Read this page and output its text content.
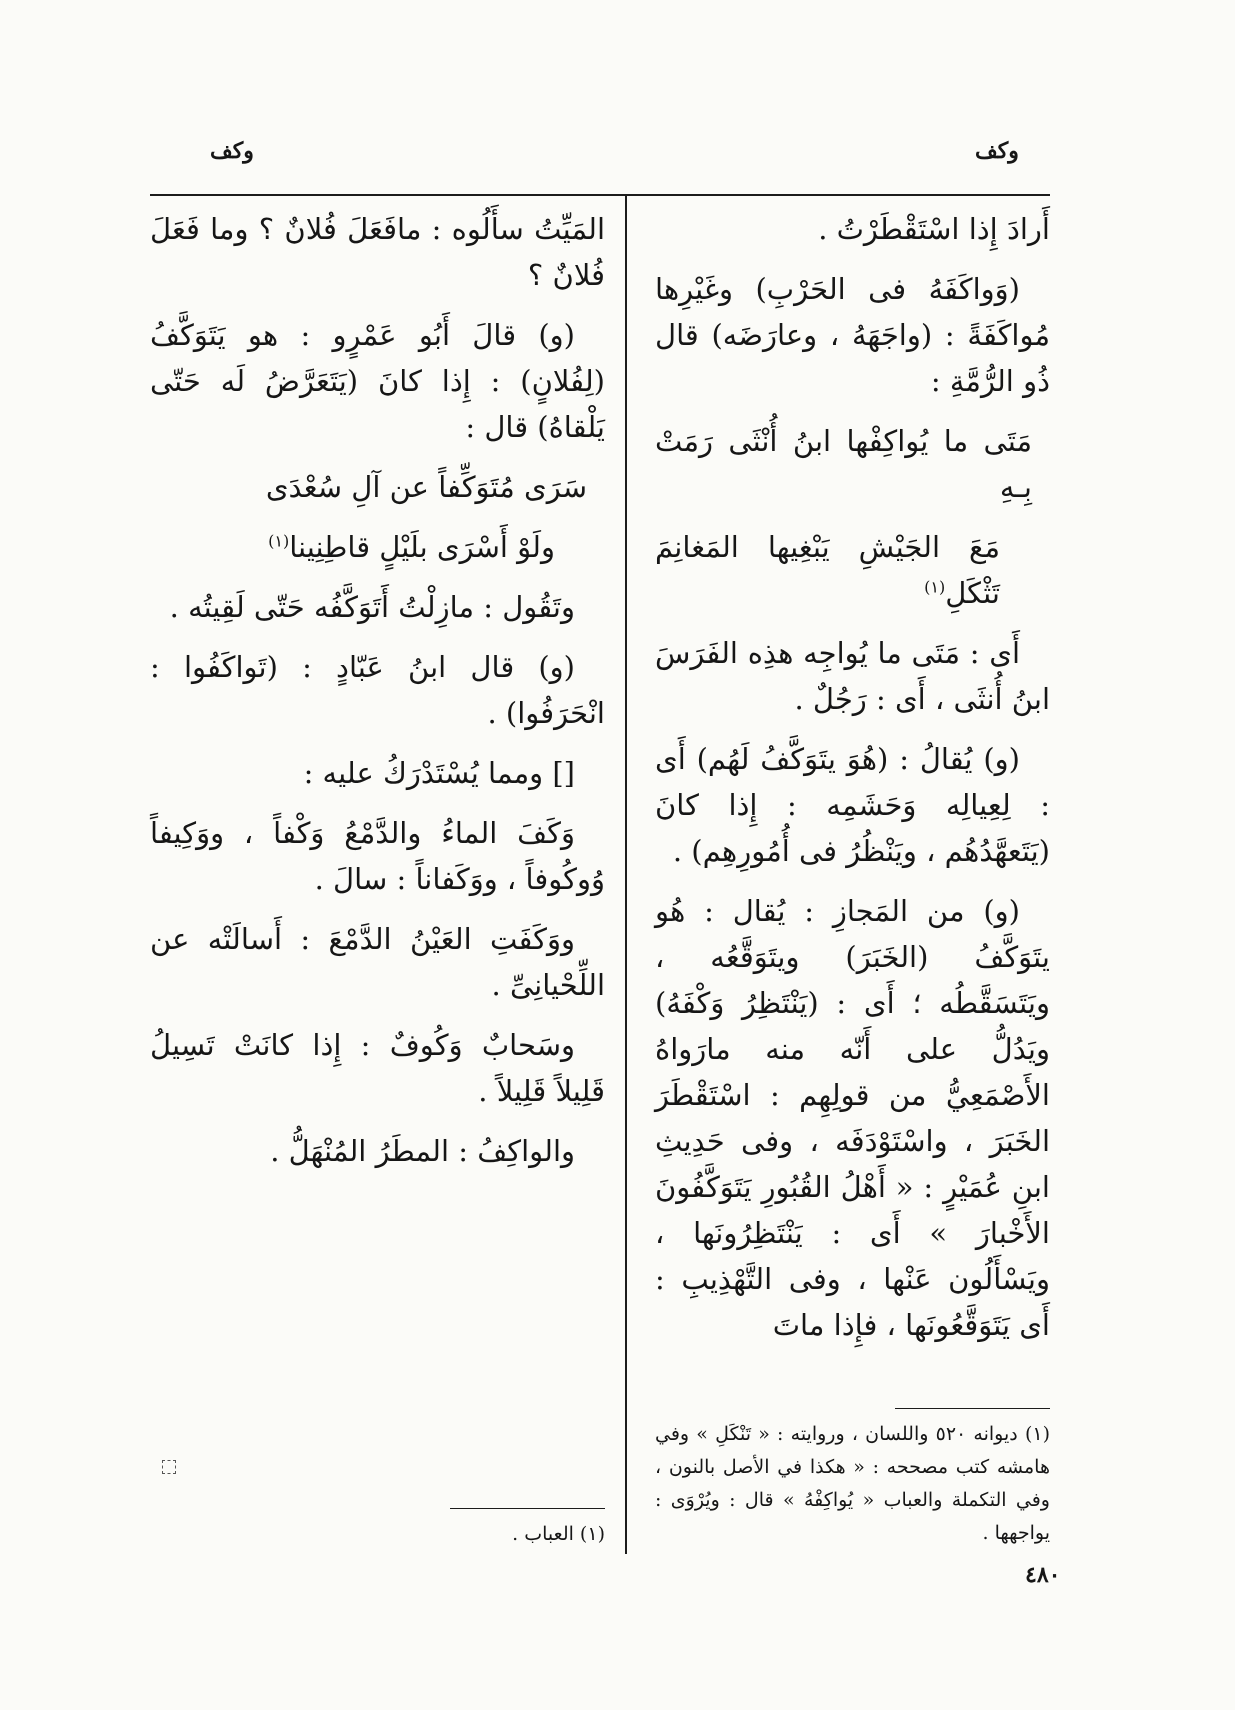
وكف	وكف

أَرادَ إِذا اسْتَقْطَرْتُ .

(وَواكَفَهُ فى الحَرْبِ) وغَيْرِها مُواكَفَةً : (واجَهَهُ ، وعارَضَه) قال ذُو الرُّمَّةِ :

مَتَى ما يُواكِفْها ابنُ أُنْثَى رَمَتْ بِـهِ

مَعَ الجَيْشِ يَبْغِيها المَغانِمَ تَثْكَلِ$^{(١)}$

أَى : مَتَى ما يُواجِه هذِه الفَرَسَ ابنُ أُنثَى ، أَى : رَجُلٌ .

(و) يُقالُ : (هُوَ يتَوَكَّفُ لَهُم) أَى : لِعِيالِه وَحَشَمِه : إِذا كانَ (يَتَعهَّدُهُم ، ويَنْظُرُ فى أُمُورِهِم) .

(و) من المَجازِ : يُقال : هُو يتَوَكَّفُ (الخَبَرَ) ويتَوَقَّعُه ، ويَتَسَقَّطُه ؛ أَى : (يَنْتَظِرُ وَكْفَهُ) ويَدُلُّ على أَنّه منه مارَواهُ الأَصْمَعِيُّ من قولِهِم : اسْتَقْطَرَ الخَبَرَ ، واسْتَوْدَفَه ، وفى حَدِيثِ ابنِ عُمَيْرٍ : « أَهْلُ القُبُورِ يَتَوَكَّفُونَ الأَخْبارَ » أَى : يَنْتَظِرُونَها ، ويَسْأَلُون عَنْها ، وفى التَّهْذِيبِ : أَى يَتَوَقَّعُونَها ، فإِذا ماتَ

المَيِّتُ سأَلُوه : مافَعَلَ فُلانٌ ؟ وما فَعَلَ فُلانٌ ؟

(و) قالَ أَبُو عَمْرٍو : هو يَتَوَكَّفُ (لِفُلانٍ) : إِذا كانَ (يَتَعَرَّضُ لَه حَتّى يَلْقاهُ) قال :

سَرَى مُتَوَكِّفاً عن آلِ سُعْدَى

ولَوْ أَسْرَى بلَيْلٍ قاطِنِينا$^{(١)}$

وتَقُول : مازِلْتُ أَتَوَكَّفُه حَتّى لَقِيتُه .

(و) قال ابنُ عَبّادٍ : (تَواكَفُوا : انْحَرَفُوا) .

[] ومما يُسْتَدْرَكُ عليه :

وَكَفَ الماءُ والدَّمْعُ وَكْفاً ، ووَكِيفاً وُوكُوفاً ، ووَكَفاناً : سالَ .

ووَكَفَتِ العَيْنُ الدَّمْعَ : أَسالَتْه عن اللِّحْيانِىِّ .

وسَحابٌ وَكُوفٌ : إِذا كانَتْ تَسِيلُ قَلِيلاً قَلِيلاً .

والواكِفُ : المطَرُ المُنْهَلُّ .

(١) ديوانه ٥٢٠ واللسان ، وروايته : « تَنْكَلِ » وفي هامشه كتب مصححه : « هكذا في الأصل بالنون ، وفي التكملة والعباب « يُواكِفْهُ » قال : ويُرْوَى : يواجهها .

(١) العباب .

٤٨٠
